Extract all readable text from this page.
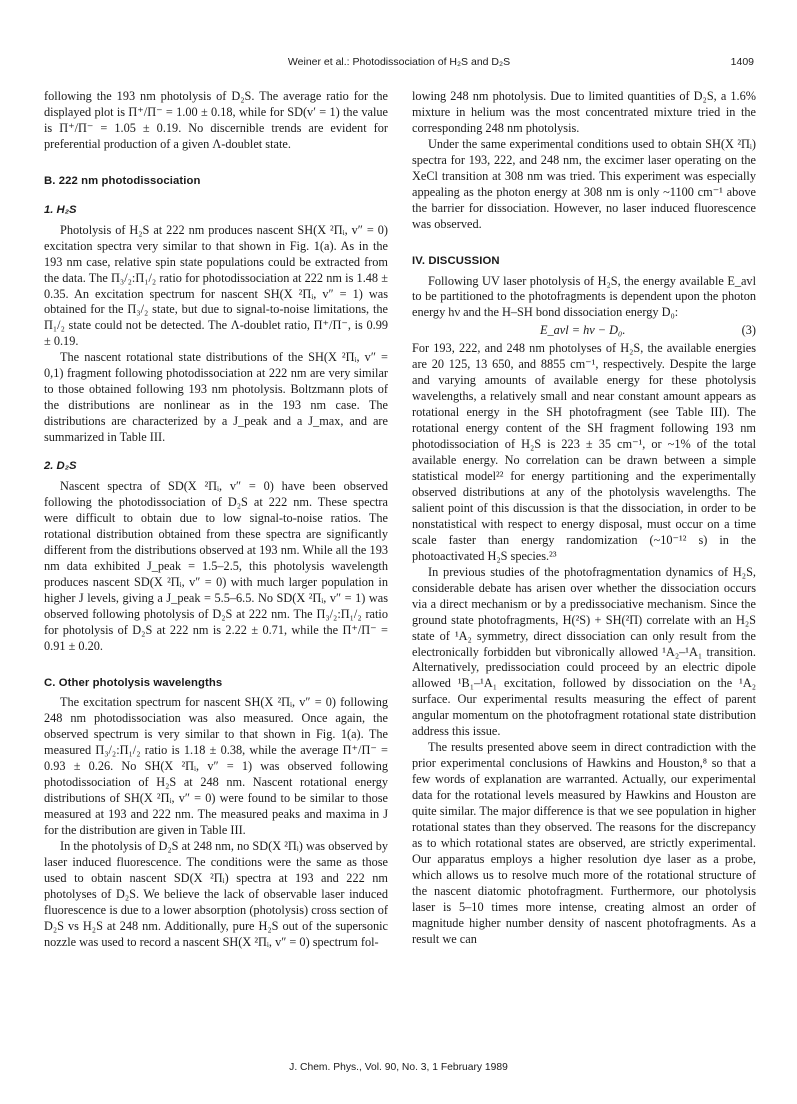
Weiner et al.: Photodissociation of H₂S and D₂S	1409

following the 193 nm photolysis of D₂S. The average ratio for the displayed plot is Π⁺/Π⁻ = 1.00 ± 0.18, while for SD(v′ = 1) the value is Π⁺/Π⁻ = 1.05 ± 0.19. No discernible trends are evident for preferential production of a given Λ-doublet state.

B. 222 nm photodissociation
1. H₂S

Photolysis of H₂S at 222 nm produces nascent SH(X ²Πᵢ, v″ = 0) excitation spectra very similar to that shown in Fig. 1(a). As in the 193 nm case, relative spin state populations could be extracted from the data. The Π₃/₂:Π₁/₂ ratio for photodissociation at 222 nm is 1.48 ± 0.35. An excitation spectrum for nascent SH(X ²Πᵢ, v″ = 1) was obtained for the Π₃/₂ state, but due to signal-to-noise limitations, the Π₁/₂ state could not be detected. The Λ-doublet ratio, Π⁺/Π⁻, is 0.99 ± 0.19.

The nascent rotational state distributions of the SH(X ²Πᵢ, v″ = 0,1) fragment following photodissociation at 222 nm are very similar to those obtained following 193 nm photolysis. Boltzmann plots of the distributions are nonlinear as in the 193 nm case. The distributions are characterized by a J_peak and a J_max, and are summarized in Table III.

2. D₂S

Nascent spectra of SD(X ²Πᵢ, v″ = 0) have been observed following the photodissociation of D₂S at 222 nm. These spectra were difficult to obtain due to low signal-to-noise ratios. The rotational distribution obtained from these spectra are significantly different from the distributions observed at 193 nm. While all the 193 nm data exhibited J_peak = 1.5–2.5, this photolysis wavelength produces nascent SD(X ²Πᵢ, v″ = 0) with much larger population in higher J levels, giving a J_peak = 5.5–6.5. No SD(X ²Πᵢ, v″ = 1) was observed following photolysis of D₂S at 222 nm. The Π₃/₂:Π₁/₂ ratio for photolysis of D₂S at 222 nm is 2.22 ± 0.71, while the Π⁺/Π⁻ = 0.91 ± 0.20.

C. Other photolysis wavelengths

The excitation spectrum for nascent SH(X ²Πᵢ, v″ = 0) following 248 nm photodissociation was also measured. Once again, the observed spectrum is very similar to that shown in Fig. 1(a). The measured Π₃/₂:Π₁/₂ ratio is 1.18 ± 0.38, while the average Π⁺/Π⁻ = 0.93 ± 0.26. No SH(X ²Πᵢ, v″ = 1) was observed following photodissociation of H₂S at 248 nm. Nascent rotational energy distributions of SH(X ²Πᵢ, v″ = 0) were found to be similar to those measured at 193 and 222 nm. The measured peaks and maxima in J for the distribution are given in Table III.

In the photolysis of D₂S at 248 nm, no SD(X ²Πᵢ) was observed by laser induced fluorescence. The conditions were the same as those used to obtain nascent SD(X ²Πᵢ) spectra at 193 and 222 nm photolyses of D₂S. We believe the lack of observable laser induced fluorescence is due to a lower absorption (photolysis) cross section of D₂S vs H₂S at 248 nm. Additionally, pure H₂S out of the supersonic nozzle was used to record a nascent SH(X ²Πᵢ, v″ = 0) spectrum fol-

lowing 248 nm photolysis. Due to limited quantities of D₂S, a 1.6% mixture in helium was the most concentrated mixture tried in the corresponding 248 nm photolysis.

Under the same experimental conditions used to obtain SH(X ²Πᵢ) spectra for 193, 222, and 248 nm, the excimer laser operating on the XeCl transition at 308 nm was tried. This experiment was especially appealing as the photon energy at 308 nm is only ~1100 cm⁻¹ above the barrier for dissociation. However, no laser induced fluorescence was observed.

IV. DISCUSSION

Following UV laser photolysis of H₂S, the energy available E_avl to be partitioned to the photofragments is dependent upon the photon energy hν and the H–SH bond dissociation energy D₀:

E_avl = hν − D₀.	(3)

For 193, 222, and 248 nm photolyses of H₂S, the available energies are 20 125, 13 650, and 8855 cm⁻¹, respectively. Despite the large and varying amounts of available energy for these photolysis wavelengths, a relatively small and near constant amount appears as rotational energy in the SH photofragment (see Table III). The rotational energy content of the SH fragment following 193 nm photodissociation of H₂S is 223 ± 35 cm⁻¹, or ~1% of the total available energy. No correlation can be drawn between a simple statistical model²² for energy partitioning and the experimentally observed distributions at any of the photolysis wavelengths. The salient point of this discussion is that the dissociation, in order to be nonstatistical with respect to energy disposal, must occur on a time scale faster than energy randomization (~10⁻¹² s) in the photoactivated H₂S species.²³

In previous studies of the photofragmentation dynamics of H₂S, considerable debate has arisen over whether the dissociation occurs via a direct mechanism or by a predissociative mechanism. Since the ground state photofragments, H(²S) + SH(²Π) correlate with an H₂S state of ¹A₂ symmetry, direct dissociation can only result from the electronically forbidden but vibronically allowed ¹A₂–¹A₁ transition. Alternatively, predissociation could proceed by an electric dipole allowed ¹B₁–¹A₁ excitation, followed by dissociation on the ¹A₂ surface. Our experimental results measuring the effect of parent angular momentum on the photofragment rotational state distribution address this issue.

The results presented above seem in direct contradiction with the prior experimental conclusions of Hawkins and Houston,⁸ so that a few words of explanation are warranted. Actually, our experimental data for the rotational levels measured by Hawkins and Houston are quite similar. The major difference is that we see population in higher rotational states than they observed. The reasons for the discrepancy as to which rotational states are observed, are strictly experimental. Our apparatus employs a higher resolution dye laser as a probe, which allows us to resolve much more of the rotational structure of the nascent diatomic photofragment. Furthermore, our photolysis laser is 5–10 times more intense, creating almost an order of magnitude higher number density of nascent photofragments. As a result we can

J. Chem. Phys., Vol. 90, No. 3, 1 February 1989
